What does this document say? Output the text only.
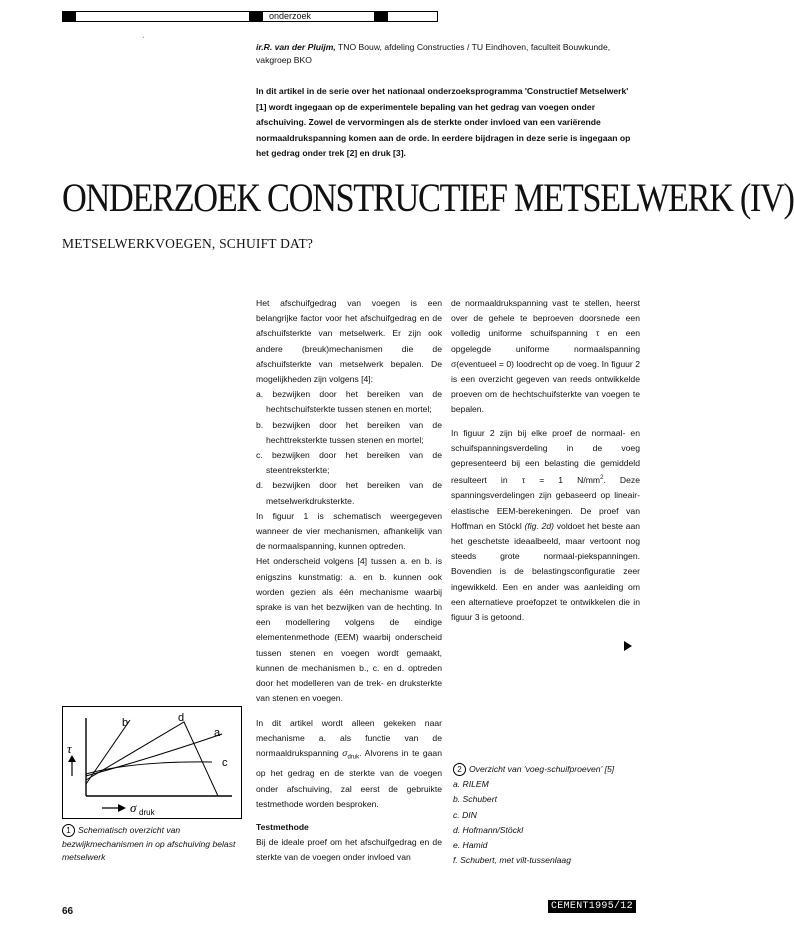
onderzoek
ˊ
ir.R. van der Pluijm, TNO Bouw, afdeling Constructies / TU Eindhoven, faculteit Bouwkunde, vakgroep BKO
In dit artikel in de serie over het nationaal onderzoeksprogramma 'Constructief Metselwerk' [1] wordt ingegaan op de experimentele bepaling van het gedrag van voegen onder afschuiving. Zowel de vervormingen als de sterkte onder invloed van een variërende normaaldrukspanning komen aan de orde. In eerdere bijdragen in deze serie is ingegaan op het gedrag onder trek [2] en druk [3].
ONDERZOEK CONSTRUCTIEF METSELWERK (IV)
METSELWERKVOEGEN, SCHUIFT DAT?

Het afschuifgedrag van voegen is een belangrijke factor voor het afschuifgedrag en de afschuifsterkte van metselwerk. Er zijn ook andere (breuk)mechanismen die de afschuifsterkte van metselwerk bepalen. De mogelijkheden zijn volgens [4]:

a. bezwijken door het bereiken van de hechtschuifsterkte tussen stenen en mortel;

b. bezwijken door het bereiken van de hechttreksterkte tussen stenen en mortel;

c. bezwijken door het bereiken van de steentreksterkte;

d. bezwijken door het bereiken van de metselwerkdruksterkte.

In figuur 1 is schematisch weergegeven wanneer de vier mechanismen, afhankelijk van de normaalspanning, kunnen optreden.

Het onderscheid volgens [4] tussen a. en b. is enigszins kunstmatig: a. en b. kunnen ook worden gezien als één mechanisme waarbij sprake is van het bezwijken van de hechting. In een modellering volgens de eindige elementenmethode (EEM) waarbij onderscheid tussen stenen en voegen wordt gemaakt, kunnen de mechanismen b., c. en d. optreden door het modelleren van de trek- en druksterkte van stenen en voegen.

In dit artikel wordt alleen gekeken naar mechanisme a. als functie van de normaaldrukspanning $\sigma_{druk}$. Alvorens in te gaan op het gedrag en de sterkte van de voegen onder afschuiving, zal eerst de gebruikte testmethode worden besproken.

Testmethode

Bij de ideale proef om het afschuifgedrag en de sterkte van de voegen onder invloed van

de normaaldrukspanning vast te stellen, heerst over de gehele te beproeven doorsnede een volledig uniforme schuifspanning τ en een opgelegde uniforme normaalspanning σ(eventueel = 0) loodrecht op de voeg. In figuur 2 is een overzicht gegeven van reeds ontwikkelde proeven om de hechtschuifsterkte van voegen te bepalen.

In figuur 2 zijn bij elke proef de normaal- en schuifspanningsverdeling in de voeg gepresenteerd bij een belasting die gemiddeld resulteert in τ = 1 $N/mm^2$. Deze spanningsverdelingen zijn gebaseerd op lineair-elastische EEM-berekeningen. De proef van Hoffman en Stöckl (fig. 2d) voldoet het beste aan het geschetste ideaalbeeld, maar vertoont nog steeds grote normaal-piekspanningen. Bovendien is de belastingsconfiguratie zeer ingewikkeld. Een en ander was aanleiding om een alternatieve proefopzet te ontwikkelen die in figuur 3 is getoond.

b	d
a
c
τ
σ druk
1 Schematisch overzicht van bezwijkmechanismen in op afschuiving belast metselwerk
2 Overzicht van 'voeg-schuifproeven' [5]
a. RILEM
b. Schubert
c. DIN
d. Hofmann/Stöckl
e. Hamid
f. Schubert, met vilt-tussenlaag
66	CEMENT1995/12
